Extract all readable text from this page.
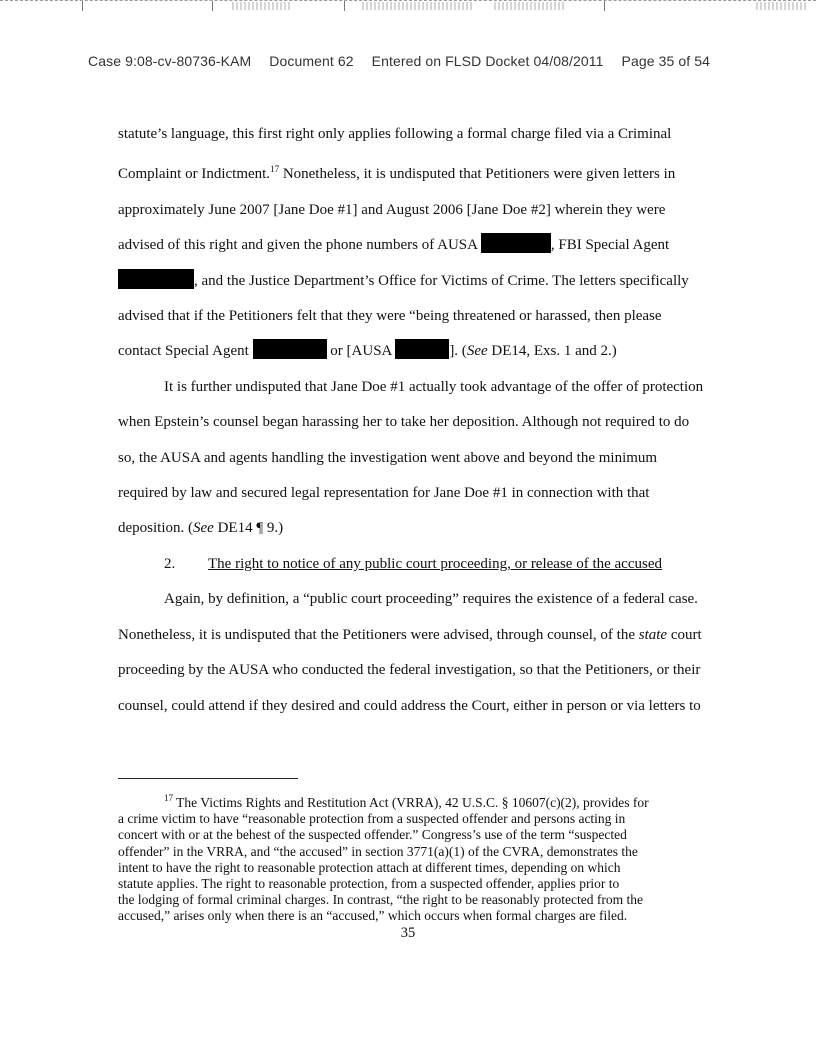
Case 9:08-cv-80736-KAM Document 62 Entered on FLSD Docket 04/08/2011 Page 35 of 54

statute’s language, this first right only applies following a formal charge filed via a Criminal

Complaint or Indictment.$^{17}$ Nonetheless, it is undisputed that Petitioners were given letters in

approximately June 2007 [Jane Doe #1] and August 2006 [Jane Doe #2] wherein they were

advised of this right and given the phone numbers of AUSA	, FBI Special Agent

, and the Justice Department’s Office for Victims of Crime. The letters specifically

advised that if the Petitioners felt that they were “being threatened or harassed, then please

contact Special Agent	or [AUSA	]. (See DE14, Exs. 1 and 2.)

It is further undisputed that Jane Doe #1 actually took advantage of the offer of protection

when Epstein’s counsel began harassing her to take her deposition. Although not required to do

so, the AUSA and agents handling the investigation went above and beyond the minimum

required by law and secured legal representation for Jane Doe #1 in connection with that

deposition. (See DE14 ¶ 9.)

2. The right to notice of any public court proceeding, or release of the accused

Again, by definition, a “public court proceeding” requires the existence of a federal case.

Nonetheless, it is undisputed that the Petitioners were advised, through counsel, of the state court

proceeding by the AUSA who conducted the federal investigation, so that the Petitioners, or their

counsel, could attend if they desired and could address the Court, either in person or via letters to

$^{17}$ The Victims Rights and Restitution Act (VRRA), 42 U.S.C. § 10607(c)(2), provides for

a crime victim to have “reasonable protection from a suspected offender and persons acting in

concert with or at the behest of the suspected offender.” Congress’s use of the term “suspected

offender” in the VRRA, and “the accused” in section 3771(a)(1) of the CVRA, demonstrates the

intent to have the right to reasonable protection attach at different times, depending on which

statute applies. The right to reasonable protection, from a suspected offender, applies prior to

the lodging of formal criminal charges. In contrast, “the right to be reasonably protected from the

accused,” arises only when there is an “accused,” which occurs when formal charges are filed.

35
